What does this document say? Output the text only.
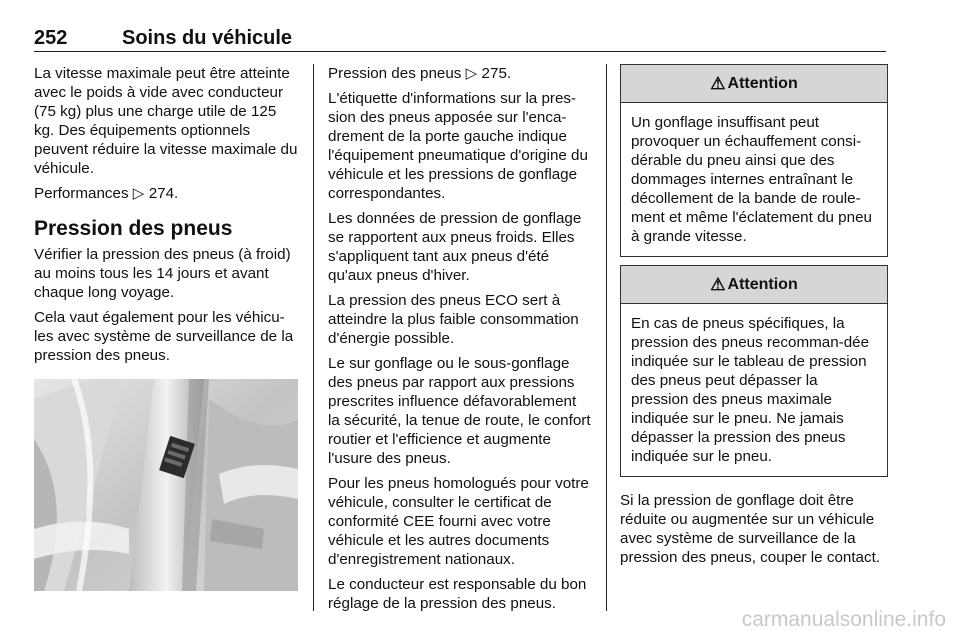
252	Soins du véhicule

La vitesse maximale peut être atteinte avec le poids à vide avec conducteur (75 kg) plus une charge utile de 125 kg. Des équipements optionnels peuvent réduire la vitesse maximale du véhicule.

Performances ▷ 274.

Pression des pneus

Vérifier la pression des pneus (à froid) au moins tous les 14 jours et avant chaque long voyage.

Cela vaut également pour les véhicu-les avec système de surveillance de la pression des pneus.

Pression des pneus ▷ 275.

L'étiquette d'informations sur la pres-sion des pneus apposée sur l'enca-drement de la porte gauche indique l'équipement pneumatique d'origine du véhicule et les pressions de gonflage correspondantes.

Les données de pression de gonflage se rapportent aux pneus froids. Elles s'appliquent tant aux pneus d'été qu'aux pneus d'hiver.

La pression des pneus ECO sert à atteindre la plus faible consommation d'énergie possible.

Le sur gonflage ou le sous-gonflage des pneus par rapport aux pressions prescrites influence défavorablement la sécurité, la tenue de route, le confort routier et l'efficience et augmente l'usure des pneus.

Pour les pneus homologués pour votre véhicule, consulter le certificat de conformité CEE fourni avec votre véhicule et les autres documents d'enregistrement nationaux.

Le conducteur est responsable du bon réglage de la pression des pneus.

⚠ Attention
Un gonflage insuffisant peut provoquer un échauffement consi-dérable du pneu ainsi que des dommages internes entraînant le décollement de la bande de roule-ment et même l'éclatement du pneu à grande vitesse.
⚠ Attention
En cas de pneus spécifiques, la pression des pneus recomman-dée indiquée sur le tableau de pression des pneus peut dépasser la pression des pneus maximale indiquée sur le pneu. Ne jamais dépasser la pression des pneus indiquée sur le pneu.

Si la pression de gonflage doit être réduite ou augmentée sur un véhicule avec système de surveillance de la pression des pneus, couper le contact.

carmanualsonline.info
